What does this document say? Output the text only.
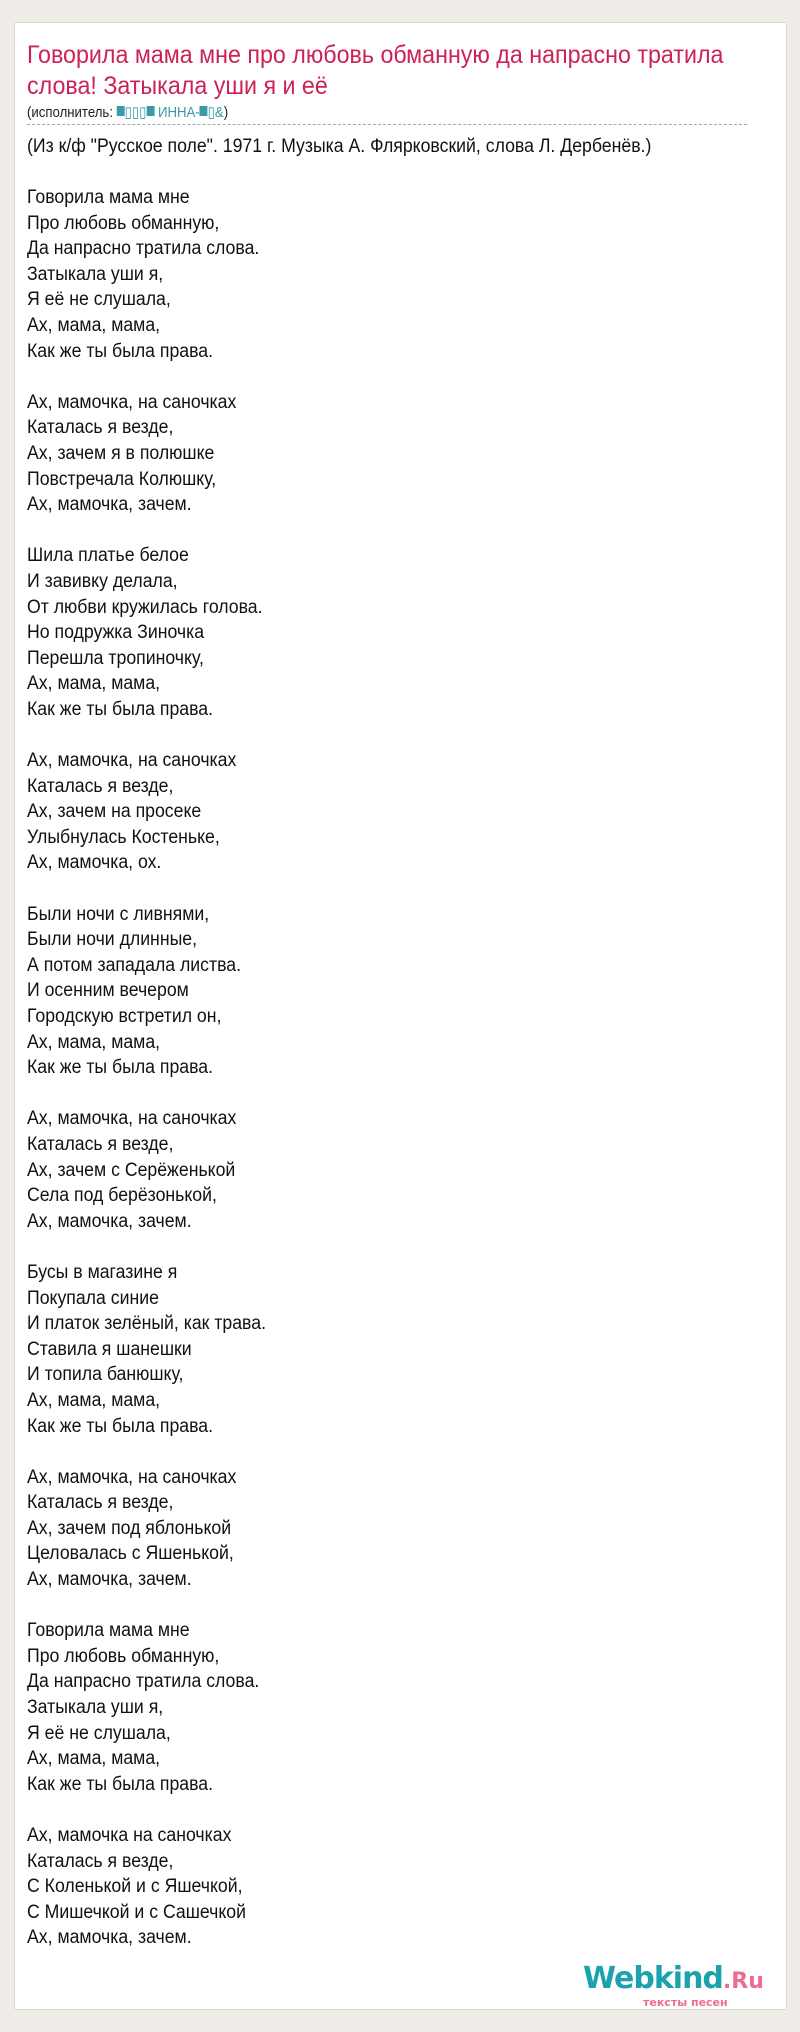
Говорила мама мне про любовь обманную да напрасно тратила слова! Затыкала уши я и её
(исполнитель: ▯▯▯ ИННА- ▯&)
(Из к/ф "Русское поле". 1971 г. Музыка А. Флярковский, слова Л. Дербенёв.)
Говорила мама мне
Про любовь обманную,
Да напрасно тратила слова.
Затыкала уши я,
Я её не слушала,
Ах, мама, мама,
Как же ты была права.
Ах, мамочка, на саночках
Каталась я везде,
Ах, зачем я в полюшке
Повстречала Колюшку,
Ах, мамочка, зачем.
Шила платье белое
И завивку делала,
От любви кружилась голова.
Но подружка Зиночка
Перешла тропиночку,
Ах, мама, мама,
Как же ты была права.
Ах, мамочка, на саночках
Каталась я везде,
Ах, зачем на просеке
Улыбнулась Костеньке,
Ах, мамочка, ох.
Были ночи с ливнями,
Были ночи длинные,
А потом западала листва.
И осенним вечером
Городскую встретил он,
Ах, мама, мама,
Как же ты была права.
Ах, мамочка, на саночках
Каталась я везде,
Ах, зачем с Серёженькой
Села под берёзонькой,
Ах, мамочка, зачем.
Бусы в магазине я
Покупала синие
И платок зелёный, как трава.
Ставила я шанешки
И топила банюшку,
Ах, мама, мама,
Как же ты была права.
Ах, мамочка, на саночках
Каталась я везде,
Ах, зачем под яблонькой
Целовалась с Яшенькой,
Ах, мамочка, зачем.
Говорила мама мне
Про любовь обманную,
Да напрасно тратила слова.
Затыкала уши я,
Я её не слушала,
Ах, мама, мама,
Как же ты была права.
Ах, мамочка на саночках
Каталась я везде,
С Коленькой и с Яшечкой,
С Мишечкой и с Сашечкой
Ах, мамочка, зачем.
Webkind.Ru
тексты песен
